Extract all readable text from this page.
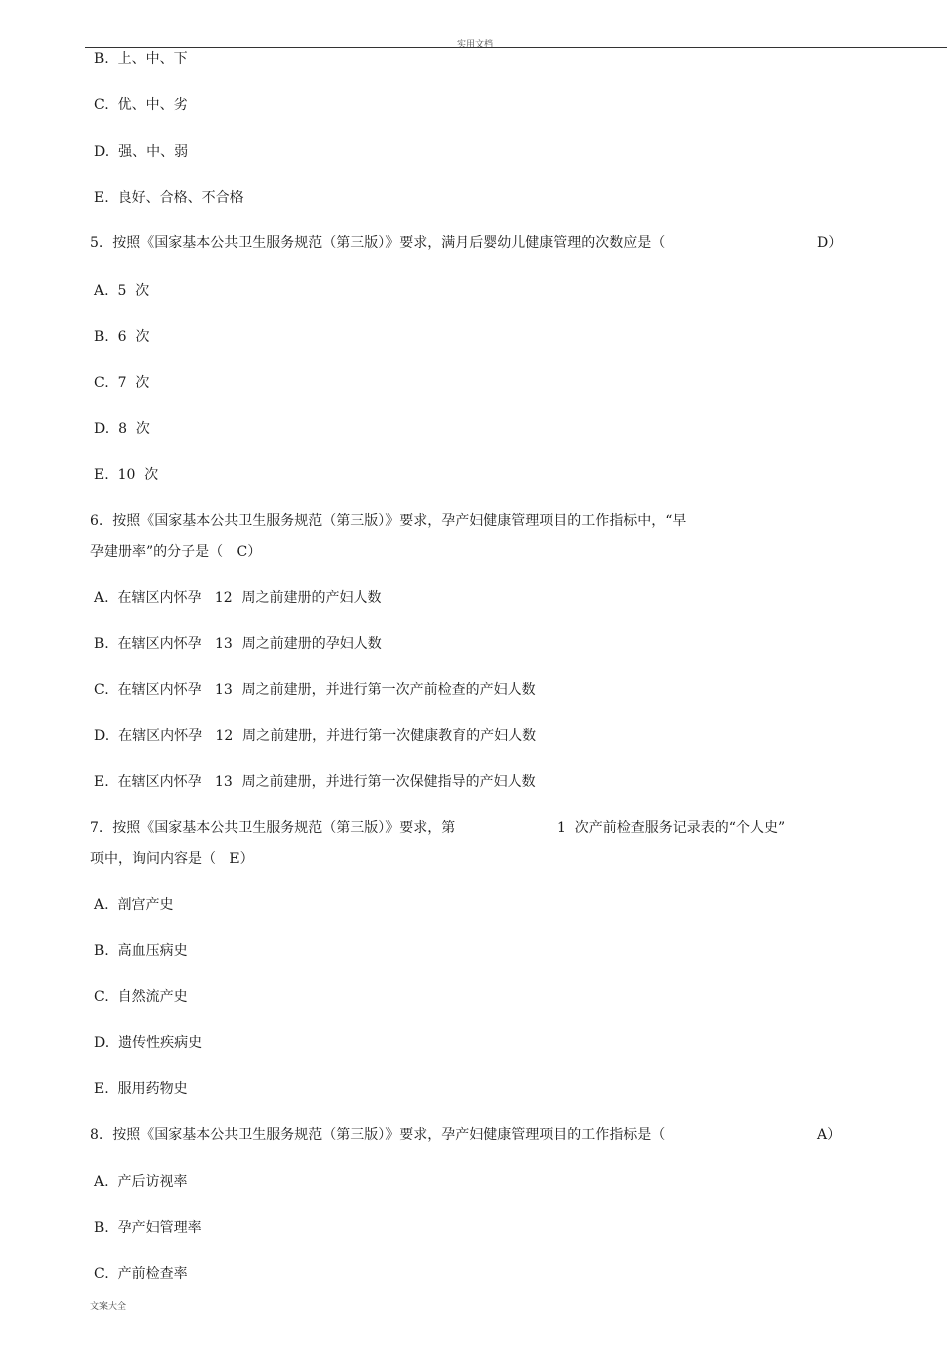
实用文档
B.  上、中、下
C.  优、中、劣
D.  强、中、弱
E.  良好、合格、不合格
5.  按照《国家基本公共卫生服务规范（第三版）》要求，满月后婴幼儿健康管理的次数应是（	D）
A.  5  次
B.  6  次
C.  7  次
D.  8  次
E.  10  次
6.  按照《国家基本公共卫生服务规范（第三版）》要求，孕产妇健康管理项目的工作指标中，“早
孕建册率”的分子是（   C）
A.  在辖区内怀孕   12  周之前建册的产妇人数
B.  在辖区内怀孕   13  周之前建册的孕妇人数
C.  在辖区内怀孕   13  周之前建册，并进行第一次产前检查的产妇人数
D.  在辖区内怀孕   12  周之前建册，并进行第一次健康教育的产妇人数
E.  在辖区内怀孕   13  周之前建册，并进行第一次保健指导的产妇人数
7.  按照《国家基本公共卫生服务规范（第三版）》要求，第	1  次产前检查服务记录表的“个人史”
项中，询问内容是（   E）
A.  剖宫产史
B.  高血压病史
C.  自然流产史
D.  遗传性疾病史
E.  服用药物史
8.  按照《国家基本公共卫生服务规范（第三版）》要求，孕产妇健康管理项目的工作指标是（	A）
A.  产后访视率
B.  孕产妇管理率
C.  产前检查率
文案大全
